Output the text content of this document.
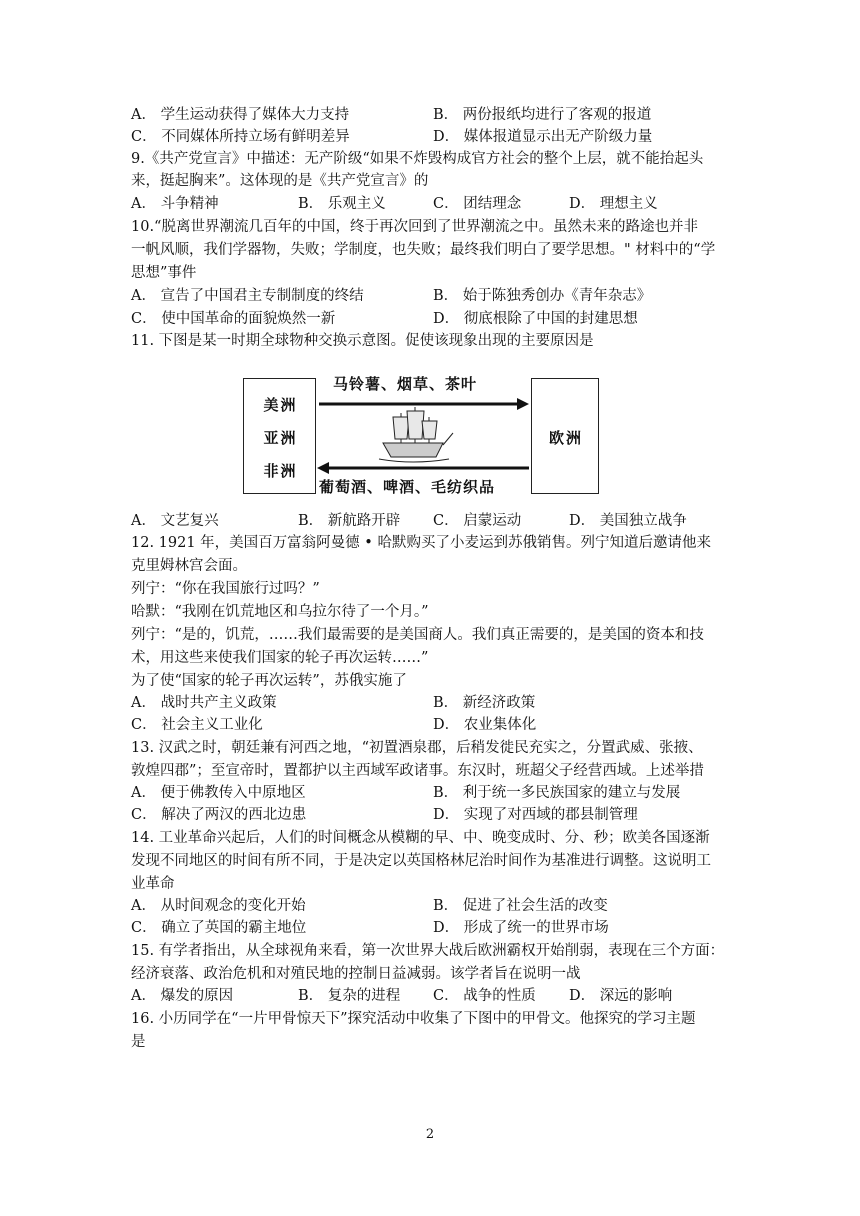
A． 学生运动获得了媒体大力支持	B． 两份报纸均进行了客观的报道
C． 不同媒体所持立场有鲜明差异	D． 媒体报道显示出无产阶级力量
9.《共产党宣言》中描述：无产阶级“如果不炸毁构成官方社会的整个上层，就不能抬起头
来，挺起胸来”。这体现的是《共产党宣言》的
A． 斗争精神	B． 乐观主义	C． 团结理念	D． 理想主义
10.“脱离世界潮流几百年的中国，终于再次回到了世界潮流之中。虽然未来的路途也并非
一帆风顺，我们学器物，失败；学制度，也失败；最终我们明白了要学思想。" 材料中的“学
思想”事件
A． 宣告了中国君主专制制度的终结	B． 始于陈独秀创办《青年杂志》
C． 使中国革命的面貌焕然一新	D． 彻底根除了中国的封建思想
11. 下图是某一时期全球物种交换示意图。促使该现象出现的主要原因是
美洲
亚洲
非洲
欧洲
马铃薯、烟草、茶叶
葡萄酒、啤酒、毛纺织品
A． 文艺复兴	B． 新航路开辟 C． 启蒙运动	D． 美国独立战争
12. 1921 年，美国百万富翁阿曼德 • 哈默购买了小麦运到苏俄销售。列宁知道后邀请他来
克里姆林宫会面。
列宁：“你在我国旅行过吗？”
哈默：“我刚在饥荒地区和乌拉尔待了一个月。”
列宁：“是的，饥荒，……我们最需要的是美国商人。我们真正需要的，是美国的资本和技
术，用这些来使我们国家的轮子再次运转……”
为了使“国家的轮子再次运转”，苏俄实施了
A． 战时共产主义政策	B． 新经济政策
C． 社会主义工业化	D． 农业集体化
13. 汉武之时，朝廷兼有河西之地，“初置酒泉郡，后稍发徙民充实之，分置武威、张掖、
敦煌四郡”；至宣帝时，置都护以主西域军政诸事。东汉时，班超父子经营西域。上述举措
A． 便于佛教传入中原地区	B． 利于统一多民族国家的建立与发展
C． 解决了两汉的西北边患	D． 实现了对西域的郡县制管理
14. 工业革命兴起后，人们的时间概念从模糊的早、中、晚变成时、分、秒；欧美各国逐渐
发现不同地区的时间有所不同，于是决定以英国格林尼治时间作为基准进行调整。这说明工
业革命
A． 从时间观念的变化开始	B． 促进了社会生活的改变
C． 确立了英国的霸主地位	D． 形成了统一的世界市场
15. 有学者指出，从全球视角来看，第一次世界大战后欧洲霸权开始削弱，表现在三个方面：
经济衰落、政治危机和对殖民地的控制日益减弱。该学者旨在说明一战
A． 爆发的原因	B． 复杂的进程 C． 战争的性质 D． 深远的影响
16. 小历同学在“一片甲骨惊天下”探究活动中收集了下图中的甲骨文。他探究的学习主题
是
2
